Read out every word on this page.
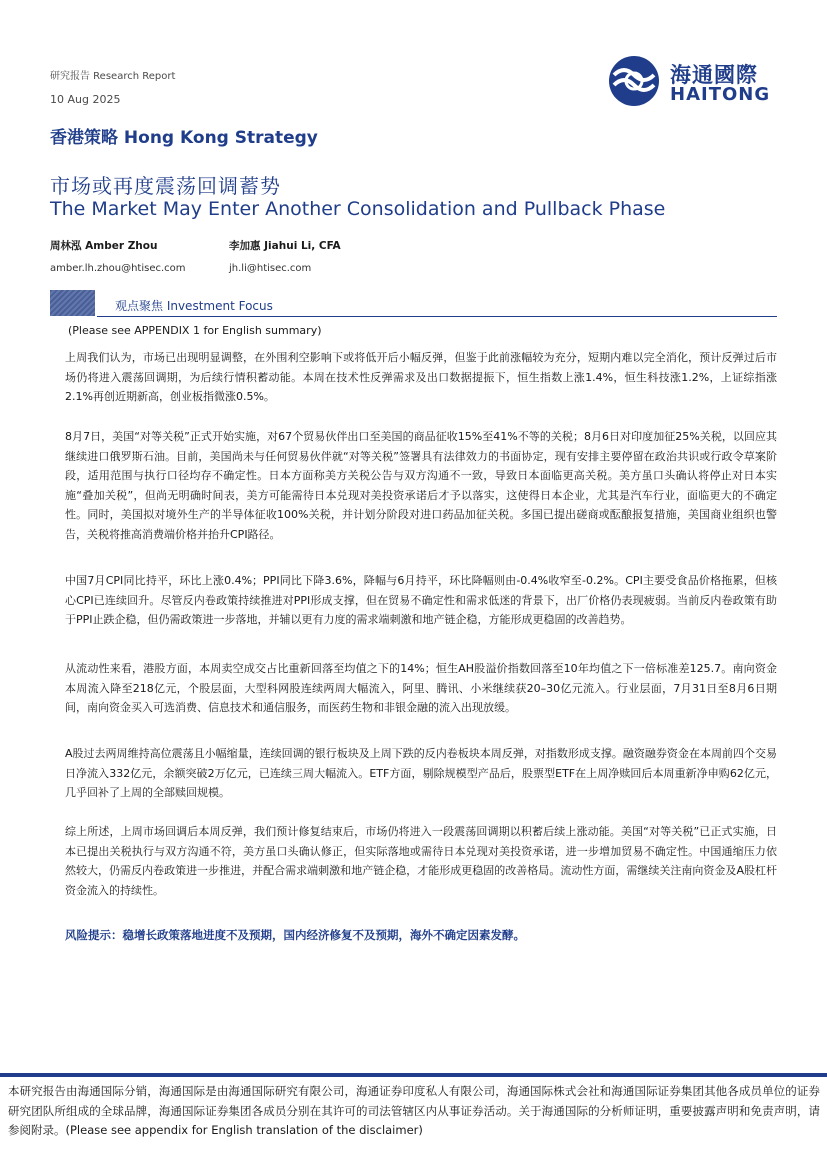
研究报告 Research Report
10 Aug 2025
海通國際
HAITONG
香港策略 Hong Kong Strategy
市场或再度震荡回调蓄势
The Market May Enter Another Consolidation and Pullback Phase
周林泓 Amber Zhou	李加惠 Jiahui Li, CFA
amber.lh.zhou@htisec.com	jh.li@htisec.com
观点聚焦 Investment Focus
(Please see APPENDIX 1 for English summary)
上周我们认为，市场已出现明显调整，在外围利空影响下或将低开后小幅反弹，但鉴于此前涨幅较为充分，短期内难以完全消化，预计反弹过后市场仍将进入震荡回调期，为后续行情积蓄动能。本周在技术性反弹需求及出口数据提振下，恒生指数上涨1.4%，恒生科技涨1.2%，上证综指涨2.1%再创近期新高，创业板指微涨0.5%。
8月7日，美国“对等关税”正式开始实施，对67个贸易伙伴出口至美国的商品征收15%至41%不等的关税；8月6日对印度加征25%关税，以回应其继续进口俄罗斯石油。目前，美国尚未与任何贸易伙伴就“对等关税”签署具有法律效力的书面协定，现有安排主要停留在政治共识或行政令草案阶段，适用范围与执行口径均存不确定性。日本方面称美方关税公告与双方沟通不一致，导致日本面临更高关税。美方虽口头确认将停止对日本实施“叠加关税”，但尚无明确时间表，美方可能需待日本兑现对美投资承诺后才予以落实，这使得日本企业，尤其是汽车行业，面临更大的不确定性。同时，美国拟对境外生产的半导体征收100%关税，并计划分阶段对进口药品加征关税。多国已提出磋商或酝酿报复措施，美国商业组织也警告，关税将推高消费端价格并抬升CPI路径。
中国7月CPI同比持平，环比上涨0.4%；PPI同比下降3.6%，降幅与6月持平，环比降幅则由-0.4%收窄至-0.2%。CPI主要受食品价格拖累，但核心CPI已连续回升。尽管反内卷政策持续推进对PPI形成支撑，但在贸易不确定性和需求低迷的背景下，出厂价格仍表现疲弱。当前反内卷政策有助于PPI止跌企稳，但仍需政策进一步落地，并辅以更有力度的需求端刺激和地产链企稳，方能形成更稳固的改善趋势。
从流动性来看，港股方面，本周卖空成交占比重新回落至均值之下的14%；恒生AH股溢价指数回落至10年均值之下一倍标准差125.7。南向资金本周流入降至218亿元，个股层面，大型科网股连续两周大幅流入，阿里、腾讯、小米继续获20–30亿元流入。行业层面，7月31日至8月6日期间，南向资金买入可选消费、信息技术和通信服务，而医药生物和非银金融的流入出现放缓。
A股过去两周维持高位震荡且小幅缩量，连续回调的银行板块及上周下跌的反内卷板块本周反弹，对指数形成支撑。融资融券资金在本周前四个交易日净流入332亿元，余额突破2万亿元，已连续三周大幅流入。ETF方面，剔除规模型产品后，股票型ETF在上周净赎回后本周重新净申购62亿元，几乎回补了上周的全部赎回规模。
综上所述，上周市场回调后本周反弹，我们预计修复结束后，市场仍将进入一段震荡回调期以积蓄后续上涨动能。美国“对等关税”已正式实施，日本已提出关税执行与双方沟通不符，美方虽口头确认修正，但实际落地或需待日本兑现对美投资承诺，进一步增加贸易不确定性。中国通缩压力依然较大，仍需反内卷政策进一步推进，并配合需求端刺激和地产链企稳，才能形成更稳固的改善格局。流动性方面，需继续关注南向资金及A股杠杆资金流入的持续性。
风险提示：稳增长政策落地进度不及预期，国内经济修复不及预期，海外不确定因素发酵。
本研究报告由海通国际分销，海通国际是由海通国际研究有限公司，海通证券印度私人有限公司，海通国际株式会社和海通国际证券集团其他各成员单位的证券研究团队所组成的全球品牌，海通国际证券集团各成员分别在其许可的司法管辖区内从事证券活动。关于海通国际的分析师证明，重要披露声明和免责声明，请参阅附录。(Please see appendix for English translation of the disclaimer)
